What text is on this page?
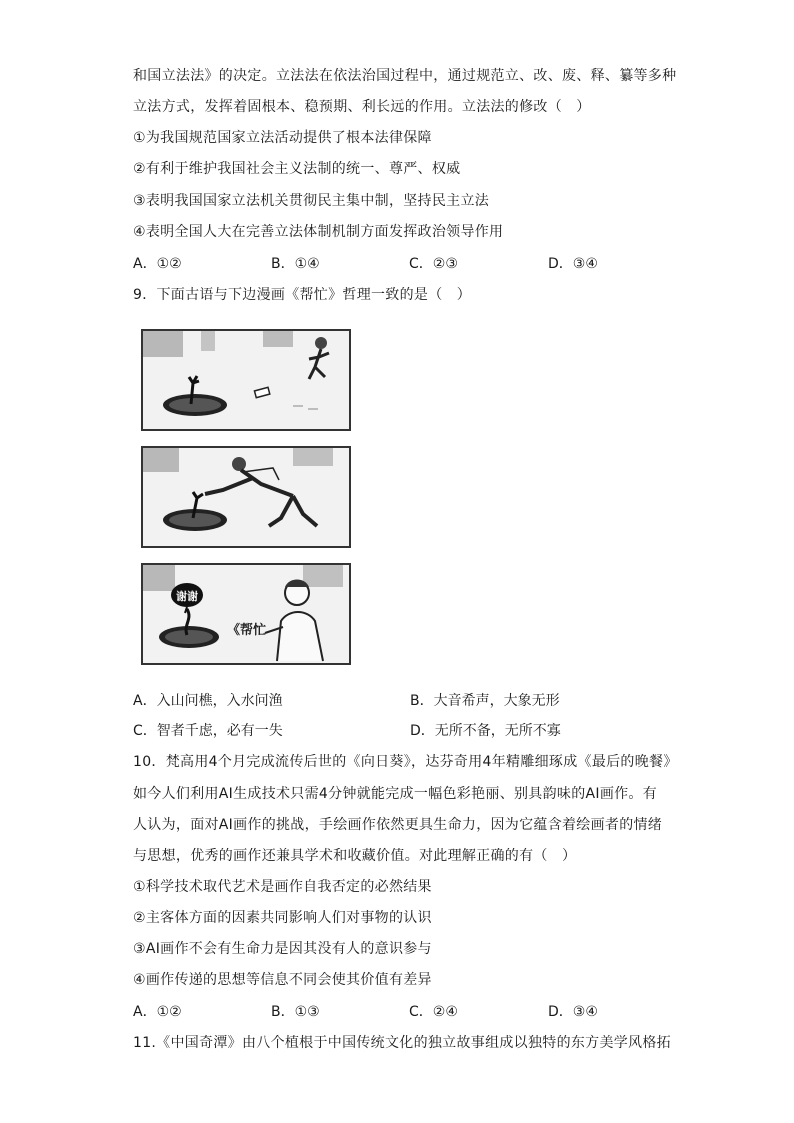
和国立法法》的决定。立法法在依法治国过程中，通过规范立、改、废、释、纂等多种
立法方式，发挥着固根本、稳预期、利长远的作用。立法法的修改（　）
①为我国规范国家立法活动提供了根本法律保障
②有利于维护我国社会主义法制的统一、尊严、权威
③表明我国国家立法机关贯彻民主集中制，坚持民主立法
④表明全国人大在完善立法体制机制方面发挥政治领导作用
A．①②	B．①④	C．②③	D．③④
9．下面古语与下边漫画《帮忙》哲理一致的是（　）
谢谢
《帮忙
A．入山问樵，入水问渔	B．大音希声，大象无形
C．智者千虑，必有一失	D．无所不备，无所不寡
10．梵高用4个月完成流传后世的《向日葵》，达芬奇用4年精雕细琢成《最后的晚餐》
如今人们利用AI生成技术只需4分钟就能完成一幅色彩艳丽、别具韵味的AI画作。有
人认为，面对AI画作的挑战，手绘画作依然更具生命力，因为它蕴含着绘画者的情绪
与思想，优秀的画作还兼具学术和收藏价值。对此理解正确的有（　）
①科学技术取代艺术是画作自我否定的必然结果
②主客体方面的因素共同影响人们对事物的认识
③AI画作不会有生命力是因其没有人的意识参与
④画作传递的思想等信息不同会使其价值有差异
A．①②	B．①③	C．②④	D．③④
11.《中国奇潭》由八个植根于中国传统文化的独立故事组成以独特的东方美学风格拓
